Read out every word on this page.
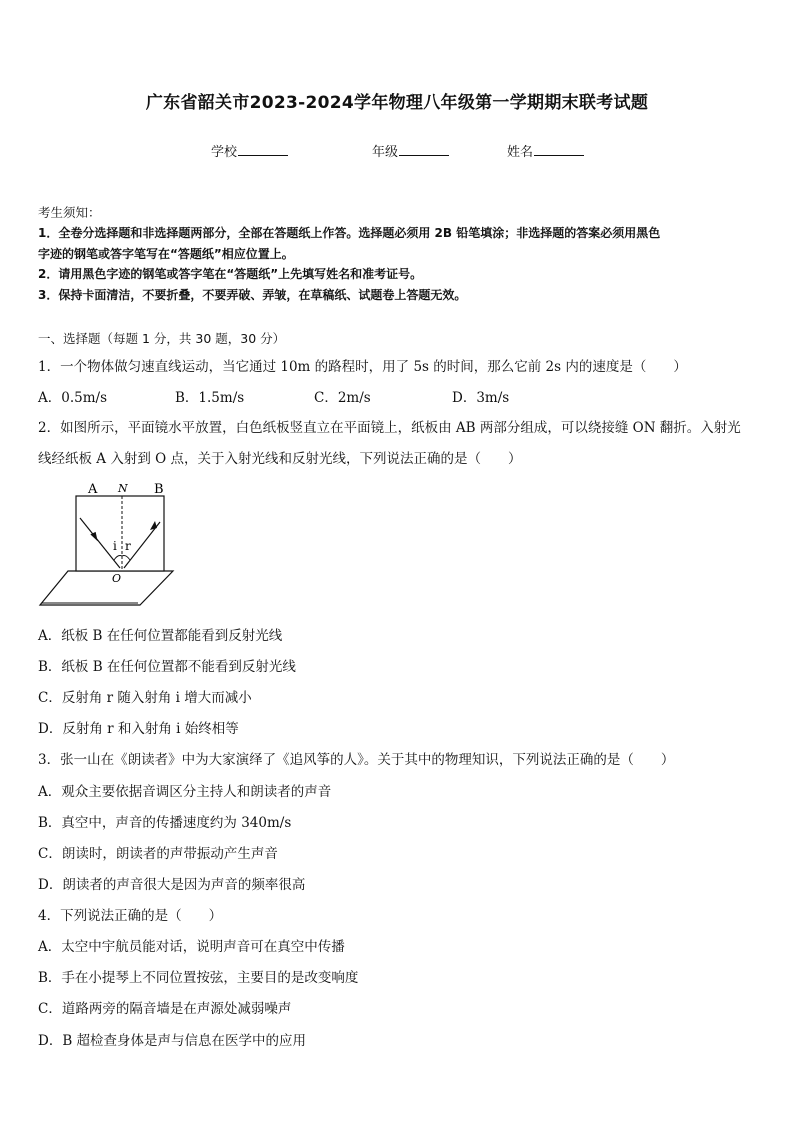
广东省韶关市2023-2024学年物理八年级第一学期期末联考试题
学校	年级	姓名
考生须知：
1．全卷分选择题和非选择题两部分，全部在答题纸上作答。选择题必须用 2B 铅笔填涂；非选择题的答案必须用黑色
字迹的钢笔或答字笔写在“答题纸”相应位置上。
2．请用黑色字迹的钢笔或答字笔在“答题纸”上先填写姓名和准考证号。
3．保持卡面清洁，不要折叠，不要弄破、弄皱，在草稿纸、试题卷上答题无效。
一、选择题（每题 1 分，共 30 题，30 分）
1．一个物体做匀速直线运动，当它通过 10m 的路程时，用了 5s 的时间，那么它前 2s 内的速度是（　　）
A．0.5m/s	B．1.5m/s	C．2m/s	D．3m/s
2．如图所示，平面镜水平放置，白色纸板竖直立在平面镜上，纸板由 AB 两部分组成，可以绕接缝 ON 翻折。入射光
线经纸板 A 入射到 O 点，关于入射光线和反射光线，下列说法正确的是（　　）
A N B
i r
O
A．纸板 B 在任何位置都能看到反射光线
B．纸板 B 在任何位置都不能看到反射光线
C．反射角 r 随入射角 i 增大而减小
D．反射角 r 和入射角 i 始终相等
3．张一山在《朗读者》中为大家演绎了《追风筝的人》。关于其中的物理知识，下列说法正确的是（　　）
A．观众主要依据音调区分主持人和朗读者的声音
B．真空中，声音的传播速度约为 340m/s
C．朗读时，朗读者的声带振动产生声音
D．朗读者的声音很大是因为声音的频率很高
4．下列说法正确的是（　　）
A．太空中宇航员能对话，说明声音可在真空中传播
B．手在小提琴上不同位置按弦，主要目的是改变响度
C．道路两旁的隔音墙是在声源处减弱噪声
D．B 超检查身体是声与信息在医学中的应用
